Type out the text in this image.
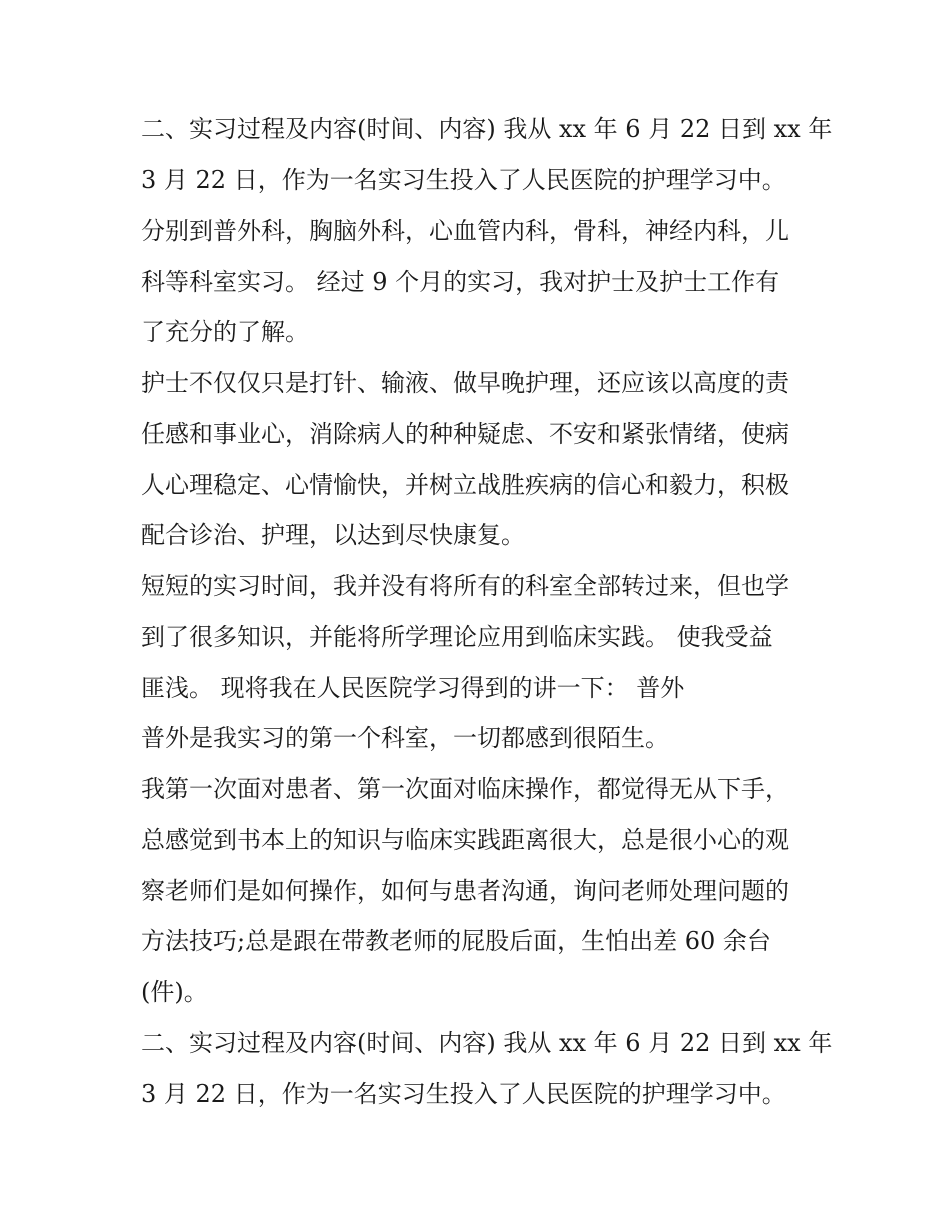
二、实习过程及内容(时间、内容) 我从 xx 年 6 月 22 日到 xx 年
3 月 22 日，作为一名实习生投入了人民医院的护理学习中。
分别到普外科，胸脑外科，心血管内科，骨科，神经内科，儿
科等科室实习。 经过 9 个月的实习，我对护士及护士工作有
了充分的了解。
护士不仅仅只是打针、输液、做早晚护理，还应该以高度的责
任感和事业心，消除病人的种种疑虑、不安和紧张情绪，使病
人心理稳定、心情愉快，并树立战胜疾病的信心和毅力，积极
配合诊治、护理，以达到尽快康复。
短短的实习时间，我并没有将所有的科室全部转过来，但也学
到了很多知识，并能将所学理论应用到临床实践。 使我受益
匪浅。 现将我在人民医院学习得到的讲一下： 普外
普外是我实习的第一个科室，一切都感到很陌生。
我第一次面对患者、第一次面对临床操作，都觉得无从下手，
总感觉到书本上的知识与临床实践距离很大，总是很小心的观
察老师们是如何操作，如何与患者沟通，询问老师处理问题的
方法技巧;总是跟在带教老师的屁股后面，生怕出差 60 余台
(件)。
二、实习过程及内容(时间、内容) 我从 xx 年 6 月 22 日到 xx 年
3 月 22 日，作为一名实习生投入了人民医院的护理学习中。
